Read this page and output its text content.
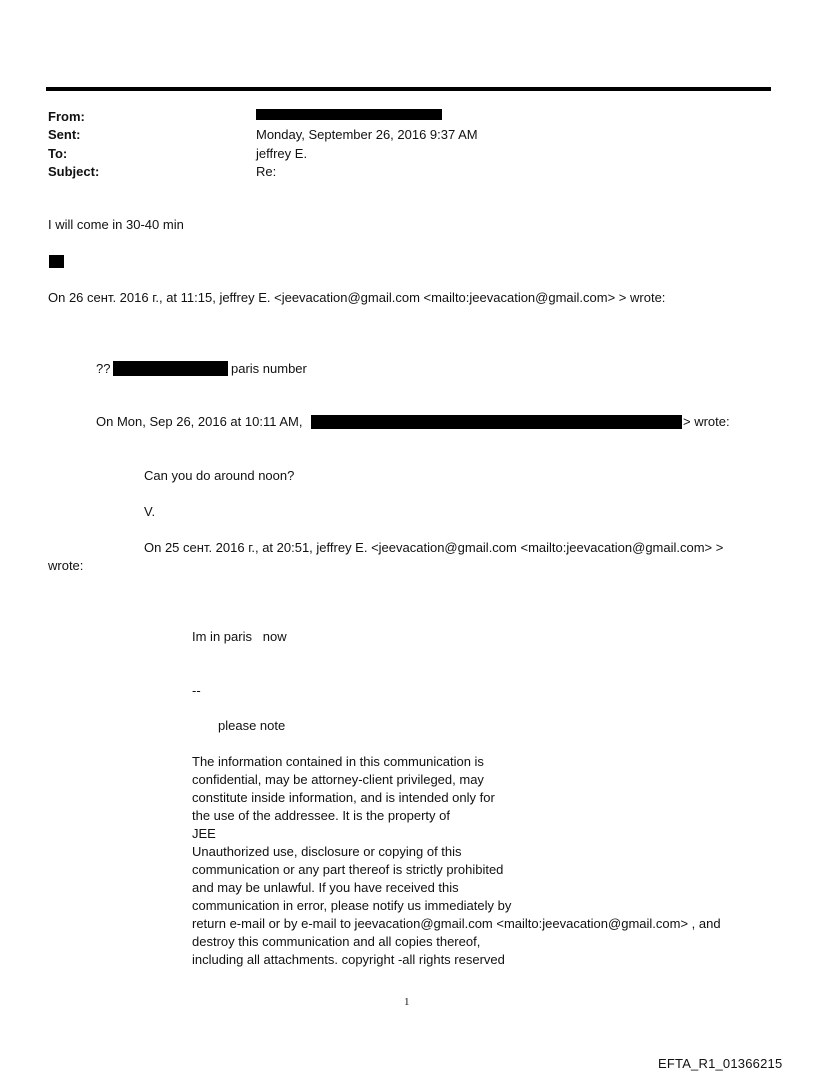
From:
Sent:
To:
Subject:
Monday, September 26, 2016 9:37 AM
jeffrey E.
Re:
I will come in 30-40 min
On 26 сент. 2016 г., at 11:15, jeffrey E. <jeevacation@gmail.com <mailto:jeevacation@gmail.com> > wrote:
??	paris number
On Mon, Sep 26, 2016 at 10:11 AM,	> wrote:
Can you do around noon?
V.
On 25 сент. 2016 г., at 20:51, jeffrey E. <jeevacation@gmail.com <mailto:jeevacation@gmail.com> >
wrote:
Im in paris   now
--
please note
The information contained in this communication is
confidential, may be attorney-client privileged, may
constitute inside information, and is intended only for
the use of the addressee. It is the property of
JEE
Unauthorized use, disclosure or copying of this
communication or any part thereof is strictly prohibited
and may be unlawful. If you have received this
communication in error, please notify us immediately by
return e-mail or by e-mail to jeevacation@gmail.com <mailto:jeevacation@gmail.com> , and
destroy this communication and all copies thereof,
including all attachments. copyright -all rights reserved
1
EFTA_R1_01366215
